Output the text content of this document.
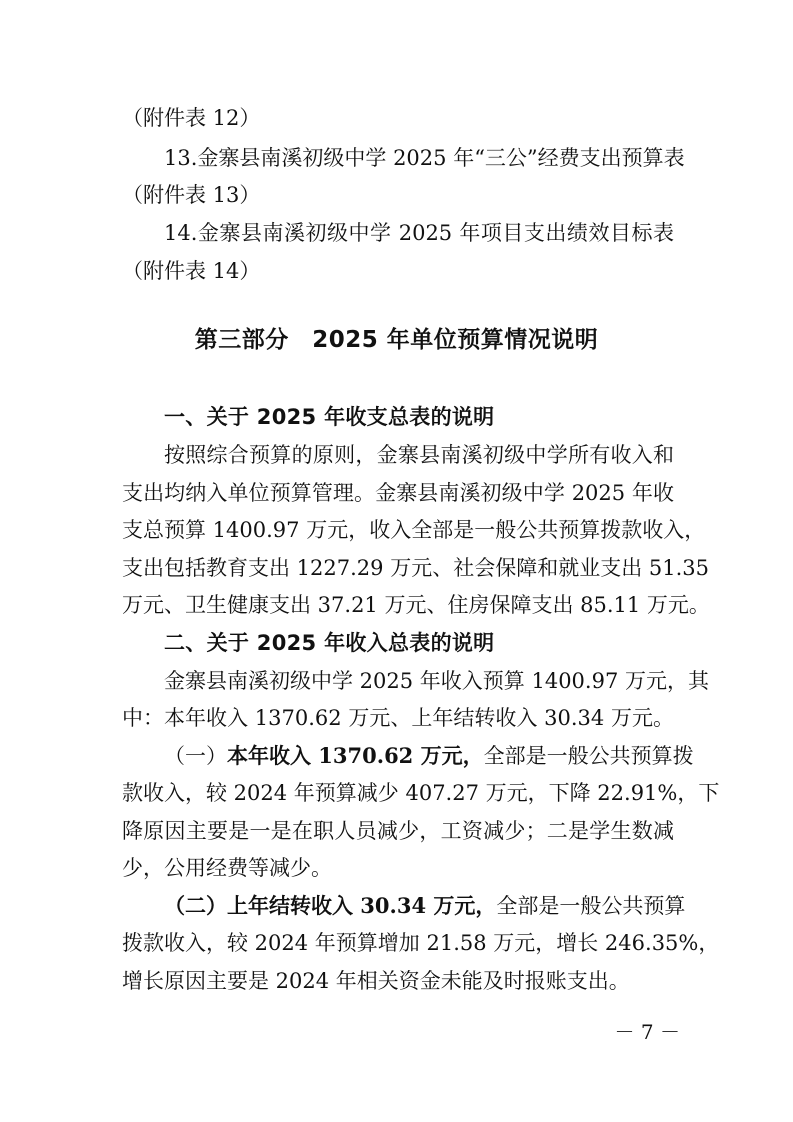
（附件表 12）
13.金寨县南溪初级中学 2025 年“三公”经费支出预算表
（附件表 13）
14.金寨县南溪初级中学 2025 年项目支出绩效目标表
（附件表 14）
第三部分　2025 年单位预算情况说明
一、关于 2025 年收支总表的说明
按照综合预算的原则，金寨县南溪初级中学所有收入和
支出均纳入单位预算管理。金寨县南溪初级中学 2025 年收
支总预算 1400.97 万元，收入全部是一般公共预算拨款收入，
支出包括教育支出 1227.29 万元、社会保障和就业支出 51.35
万元、卫生健康支出 37.21 万元、住房保障支出 85.11 万元。
二、关于 2025 年收入总表的说明
金寨县南溪初级中学 2025 年收入预算 1400.97 万元，其
中：本年收入 1370.62 万元、上年结转收入 30.34 万元。
（一）本年收入 1370.62 万元，全部是一般公共预算拨
款收入，较 2024 年预算减少 407.27 万元，下降 22.91%，下
降原因主要是一是在职人员减少，工资减少；二是学生数减
少，公用经费等减少。
（二）上年结转收入 30.34 万元，全部是一般公共预算
拨款收入，较 2024 年预算增加 21.58 万元，增长 246.35%，
增长原因主要是 2024 年相关资金未能及时报账支出。
－ 7 －
